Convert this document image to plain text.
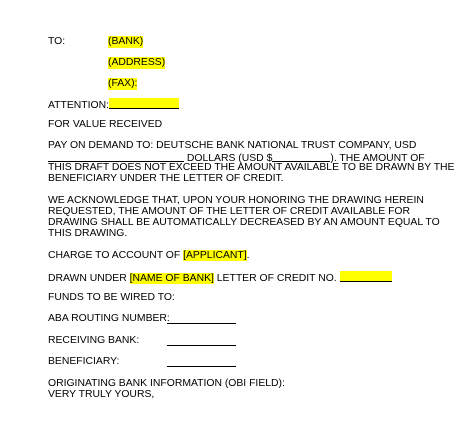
TO:	(BANK)
(ADDRESS)
(FAX):
ATTENTION:
FOR VALUE RECEIVED
PAY ON DEMAND TO: DEUTSCHE BANK NATIONAL TRUST COMPANY, USD
DOLLARS (USD $	). THE AMOUNT OF
THIS DRAFT DOES NOT EXCEED THE AMOUNT AVAILABLE TO BE DRAWN BY THE
BENEFICIARY UNDER THE LETTER OF CREDIT.
WE ACKNOWLEDGE THAT, UPON YOUR HONORING THE DRAWING HEREIN
REQUESTED, THE AMOUNT OF THE LETTER OF CREDIT AVAILABLE FOR
DRAWING SHALL BE AUTOMATICALLY DECREASED BY AN AMOUNT EQUAL TO
THIS DRAWING.
CHARGE TO ACCOUNT OF [APPLICANT].
DRAWN UNDER [NAME OF BANK] LETTER OF CREDIT NO.
FUNDS TO BE WIRED TO:
ABA ROUTING NUMBER:
RECEIVING BANK:
BENEFICIARY:
ORIGINATING BANK INFORMATION (OBI FIELD):
VERY TRULY YOURS,
